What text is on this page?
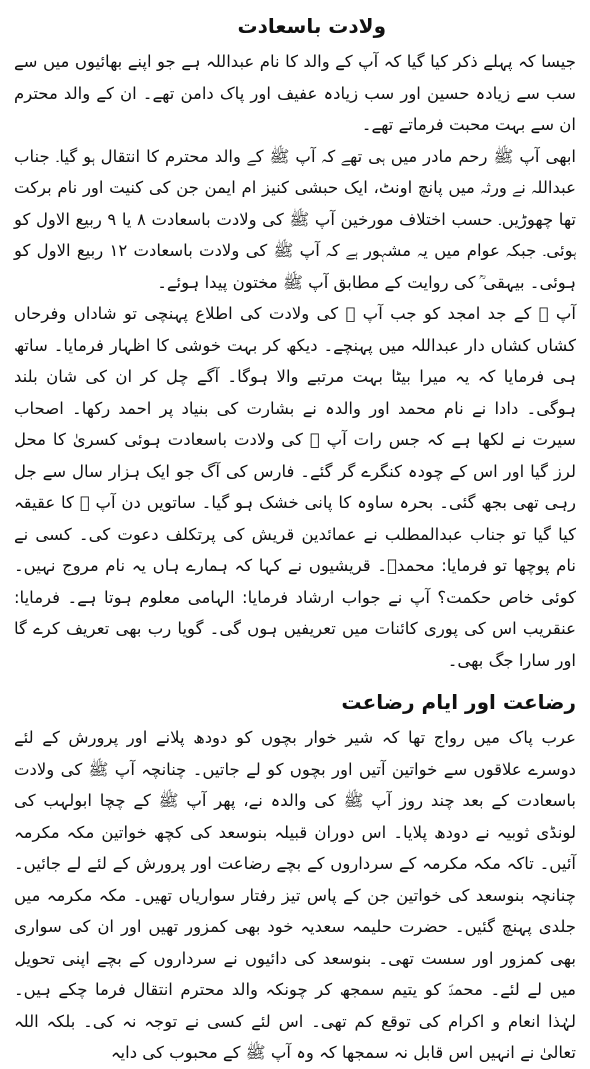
ولادت باسعادت

جیسا کہ پہلے ذکر کیا گیا کہ آپ کے والد کا نام عبداللہ ہے جو اپنے بھائیوں میں سے سب سے زیادہ حسین اور سب زیادہ عفیف اور پاک دامن تھے۔ ان کے والد محترم ان سے بہت محبت فرماتے تھے۔

ابھی آپ ﷺ رحم مادر میں ہی تھے کہ آپ ﷺ کے والد محترم کا انتقال ہو گیا۔ جناب عبداللہ نے ورثہ میں پانچ اونٹ، ایک حبشی کنیز ام ایمن جن کی کنیت اور نام برکت تھا چھوڑیں۔ حسب اختلاف مورخین آپ ﷺ کی ولادت باسعادت ۸ یا ۹ ربیع الاول کو ہوئی۔ جبکہ عوام میں یہ مشہور ہے کہ آپ ﷺ کی ولادت باسعادت ۱۲ ربیع الاول کو ہوئی۔ بیہقی ؒ کی روایت کے مطابق آپ ﷺ مختون پیدا ہوئے۔

آپ ﷺ کے جد امجد کو جب آپ ﷺ کی ولادت کی اطلاع پہنچی تو شاداں وفرحاں کشاں کشاں دار عبداللہ میں پہنچے۔ دیکھ کر بہت خوشی کا اظہار فرمایا۔ ساتھ ہی فرمایا کہ یہ میرا بیٹا بہت مرتبے والا ہوگا۔ آگے چل کر ان کی شان بلند ہوگی۔ دادا نے نام محمد اور والدہ نے بشارت کی بنیاد پر احمد رکھا۔ اصحاب سیرت نے لکھا ہے کہ جس رات آپ ﷺ کی ولادت باسعادت ہوئی کسریٰ کا محل لرز گیا اور اس کے چودہ کنگرے گر گئے۔ فارس کی آگ جو ایک ہزار سال سے جل رہی تھی بجھ گئی۔ بحرہ ساوہ کا پانی خشک ہو گیا۔ ساتویں دن آپ ﷺ کا عقیقہ کیا گیا تو جناب عبدالمطلب نے عمائدین قریش کی پرتکلف دعوت کی۔ کسی نے نام پوچھا تو فرمایا: محمدؐ۔ قریشیوں نے کہا کہ ہمارے ہاں یہ نام مروج نہیں۔ کوئی خاص حکمت؟ آپ نے جواب ارشاد فرمایا: الہامی معلوم ہوتا ہے۔ فرمایا: عنقریب اس کی پوری کائنات میں تعریفیں ہوں گی۔ گویا رب بھی تعریف کرے گا اور سارا جگ بھی۔

رضاعت اور ایام رضاعت

عرب پاک میں رواج تھا کہ شیر خوار بچوں کو دودھ پلانے اور پرورش کے لئے دوسرے علاقوں سے خواتین آتیں اور بچوں کو لے جاتیں۔ چنانچہ آپ ﷺ کی ولادت باسعادت کے بعد چند روز آپ ﷺ کی والدہ نے، پھر آپ ﷺ کے چچا ابولہب کی لونڈی ثوبیہ نے دودھ پلایا۔ اس دوران قبیلہ بنوسعد کی کچھ خواتین مکہ مکرمہ آئیں۔ تاکہ مکہ مکرمہ کے سرداروں کے بچے رضاعت اور پرورش کے لئے لے جائیں۔ چنانچہ بنوسعد کی خواتین جن کے پاس تیز رفتار سواریاں تھیں۔ مکہ مکرمہ میں جلدی پہنچ گئیں۔ حضرت حلیمہ سعدیہ خود بھی کمزور تھیں اور ان کی سواری بھی کمزور اور سست تھی۔ بنوسعد کی دائیوں نے سرداروں کے بچے اپنی تحویل میں لے لئے۔ محمدؐ کو یتیم سمجھ کر چونکہ والد محترم انتقال فرما چکے ہیں۔ لہٰذا انعام و اکرام کی توقع کم تھی۔ اس لئے کسی نے توجہ نہ کی۔ بلکہ اللہ تعالیٰ نے انہیں اس قابل نہ سمجھا کہ وہ آپ ﷺ کے محبوب کی دایہ
